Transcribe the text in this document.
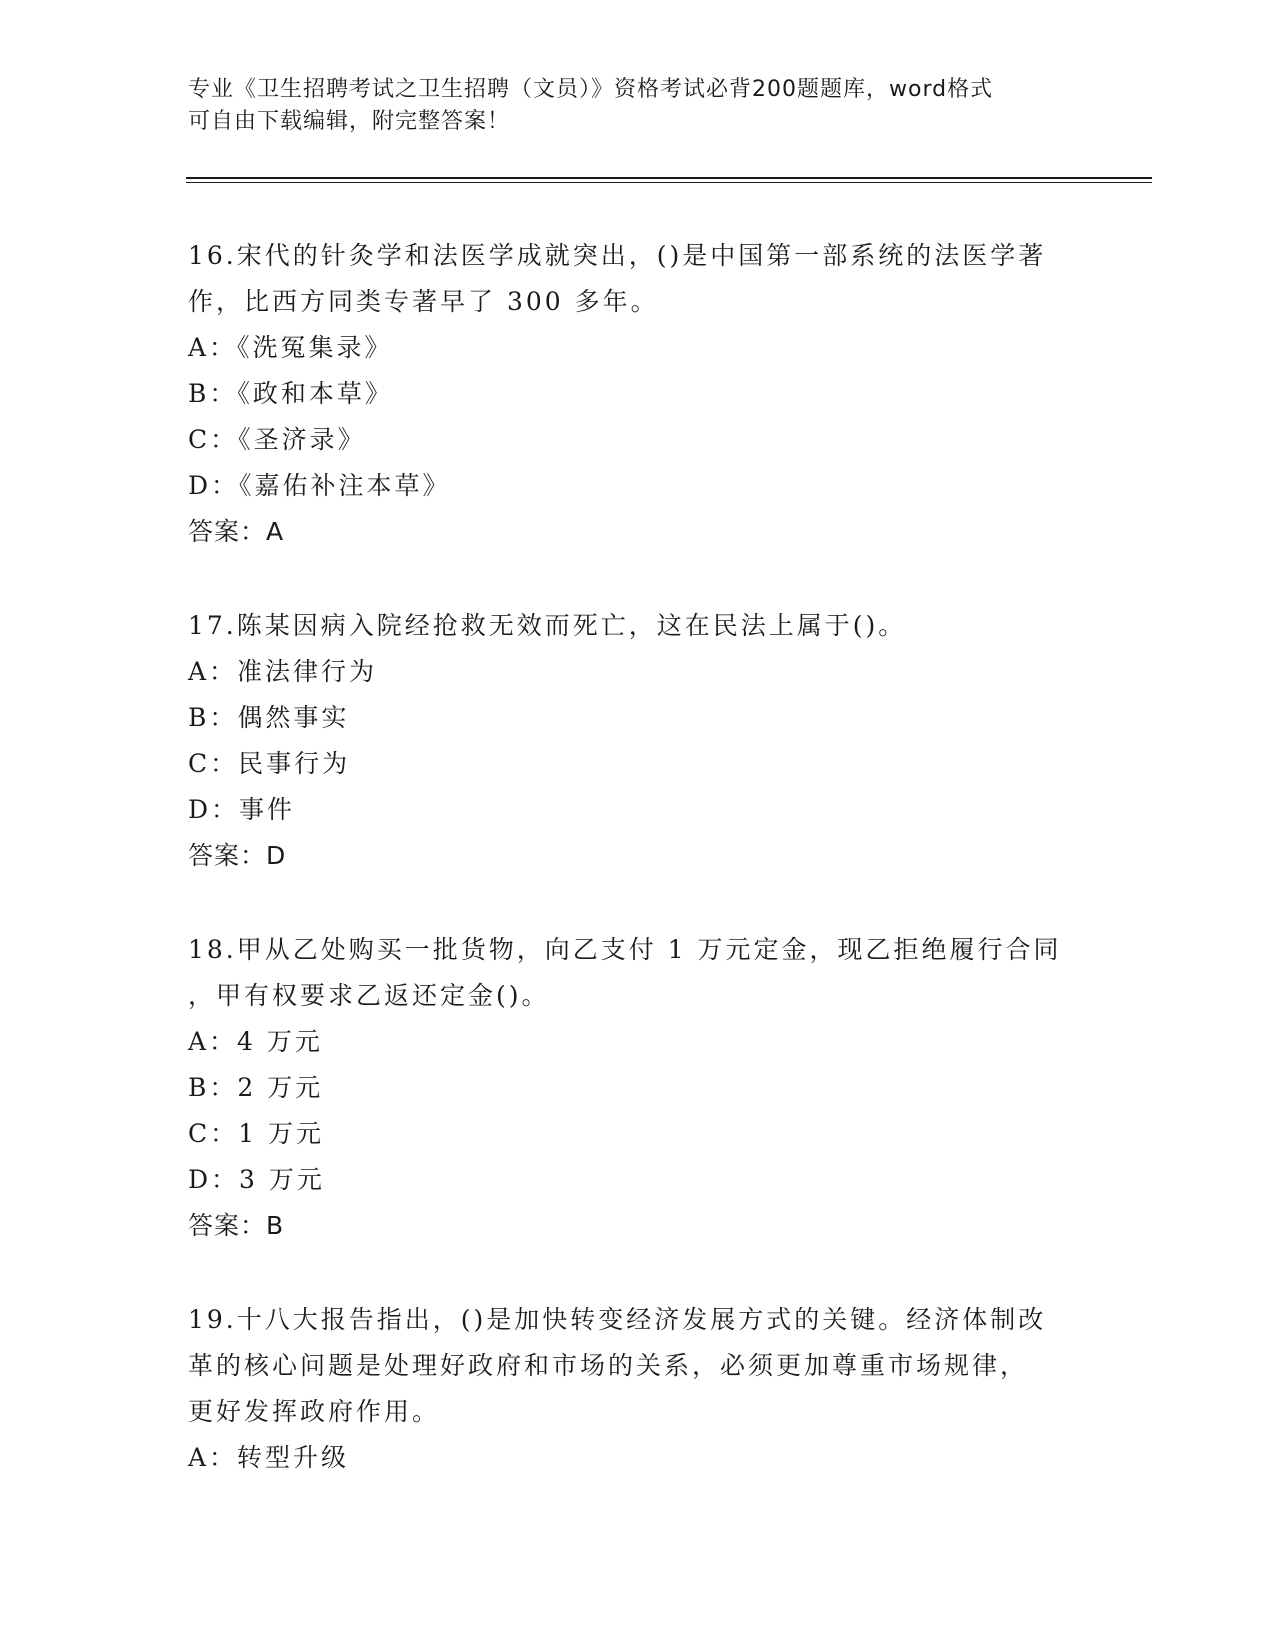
专业《卫生招聘考试之卫生招聘（文员）》资格考试必背200题题库，word格式
可自由下载编辑，附完整答案！
16.宋代的针灸学和法医学成就突出，()是中国第一部系统的法医学著
作，比西方同类专著早了 300 多年。
A：《洗冤集录》
B：《政和本草》
C：《圣济录》
D：《嘉佑补注本草》
答案：A
17.陈某因病入院经抢救无效而死亡，这在民法上属于()。
A：准法律行为
B：偶然事实
C：民事行为
D：事件
答案：D
18.甲从乙处购买一批货物，向乙支付 1 万元定金，现乙拒绝履行合同
，甲有权要求乙返还定金()。
A：4 万元
B：2 万元
C：1 万元
D：3 万元
答案：B
19.十八大报告指出，()是加快转变经济发展方式的关键。经济体制改
革的核心问题是处理好政府和市场的关系，必须更加尊重市场规律，
更好发挥政府作用。
A：转型升级
